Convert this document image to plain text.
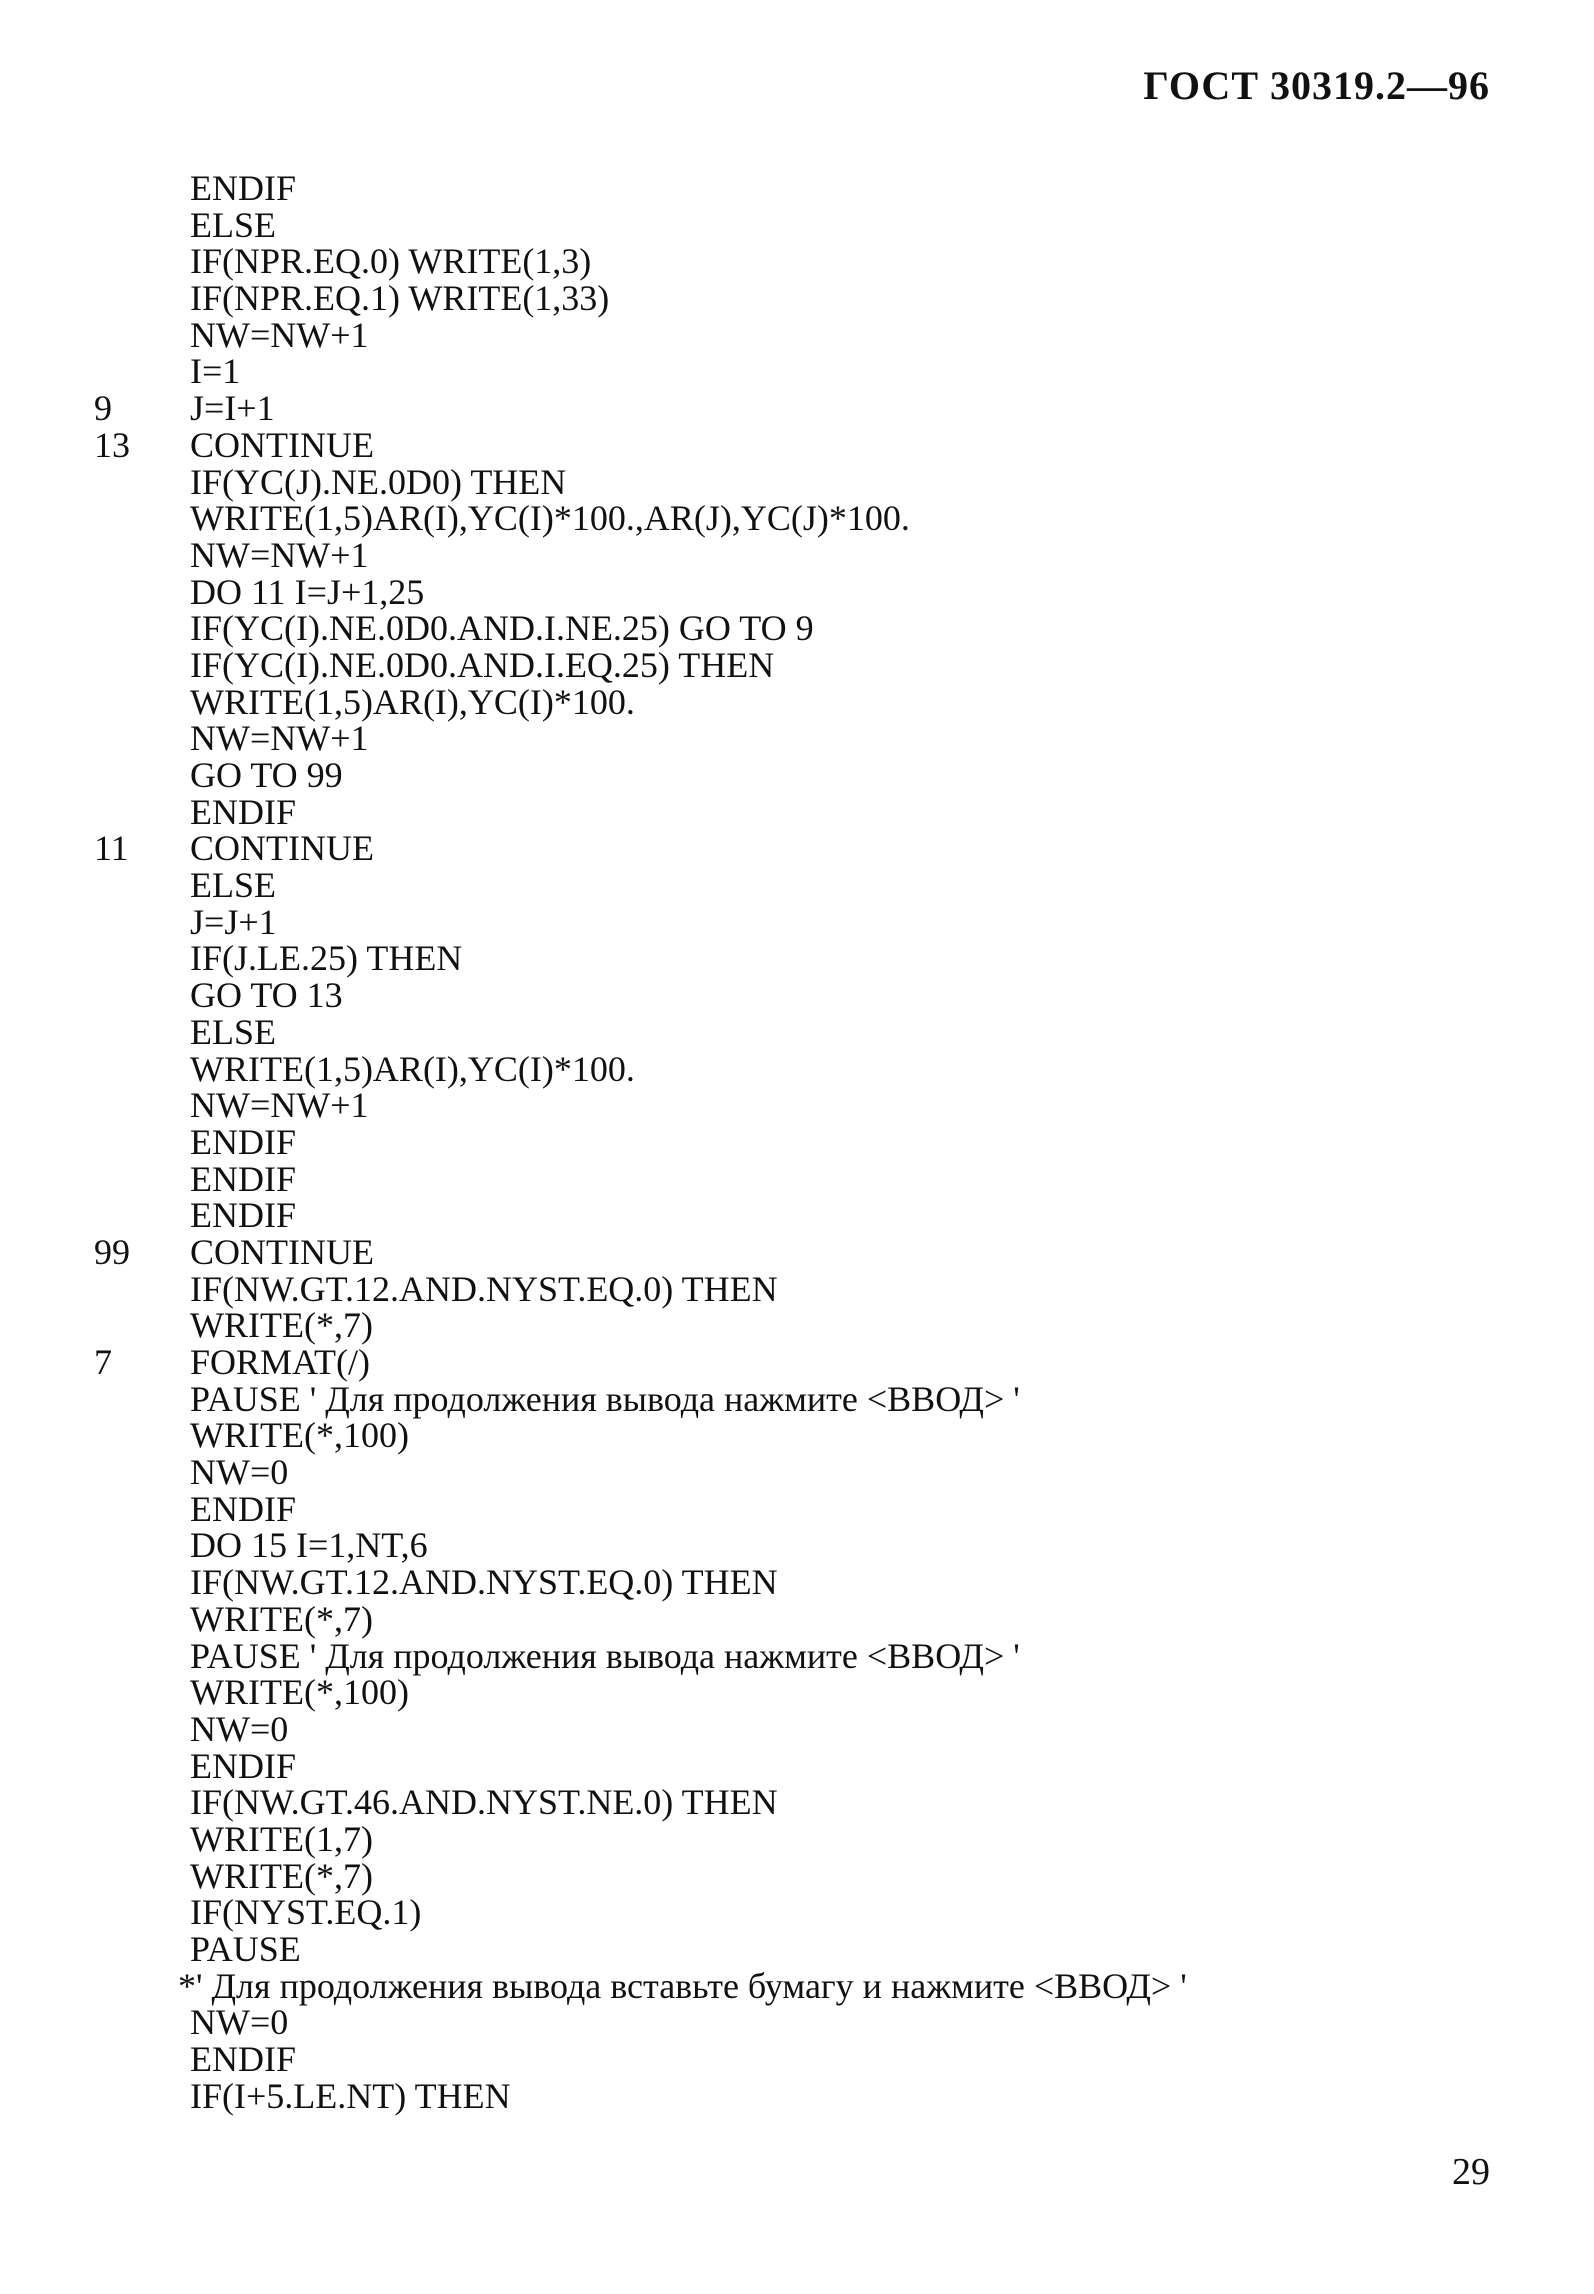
ГОСТ 30319.2—96
ENDIF
ELSE
IF(NPR.EQ.0) WRITE(1,3)
IF(NPR.EQ.1) WRITE(1,33)
NW=NW+1
I=1
9 J=I+1
13 CONTINUE
IF(YC(J).NE.0D0) THEN
WRITE(1,5)AR(I),YC(I)*100.,AR(J),YC(J)*100.
NW=NW+1
DO 11 I=J+1,25
IF(YC(I).NE.0D0.AND.I.NE.25) GO TO 9
IF(YC(I).NE.0D0.AND.I.EQ.25) THEN
WRITE(1,5)AR(I),YC(I)*100.
NW=NW+1
GO TO 99
ENDIF
11 CONTINUE
ELSE
J=J+1
IF(J.LE.25) THEN
GO TO 13
ELSE
WRITE(1,5)AR(I),YC(I)*100.
NW=NW+1
ENDIF
ENDIF
ENDIF
99 CONTINUE
IF(NW.GT.12.AND.NYST.EQ.0) THEN
WRITE(*,7)
7 FORMAT(/)
PAUSE ' Для продолжения вывода нажмите <ВВОД> '
WRITE(*,100)
NW=0
ENDIF
DO 15 I=1,NT,6
IF(NW.GT.12.AND.NYST.EQ.0) THEN
WRITE(*,7)
PAUSE ' Для продолжения вывода нажмите <ВВОД> '
WRITE(*,100)
NW=0
ENDIF
IF(NW.GT.46.AND.NYST.NE.0) THEN
WRITE(1,7)
WRITE(*,7)
IF(NYST.EQ.1)
PAUSE
*' Для продолжения вывода вставьте бумагу и нажмите <ВВОД> '
NW=0
ENDIF
IF(I+5.LE.NT) THEN
29
